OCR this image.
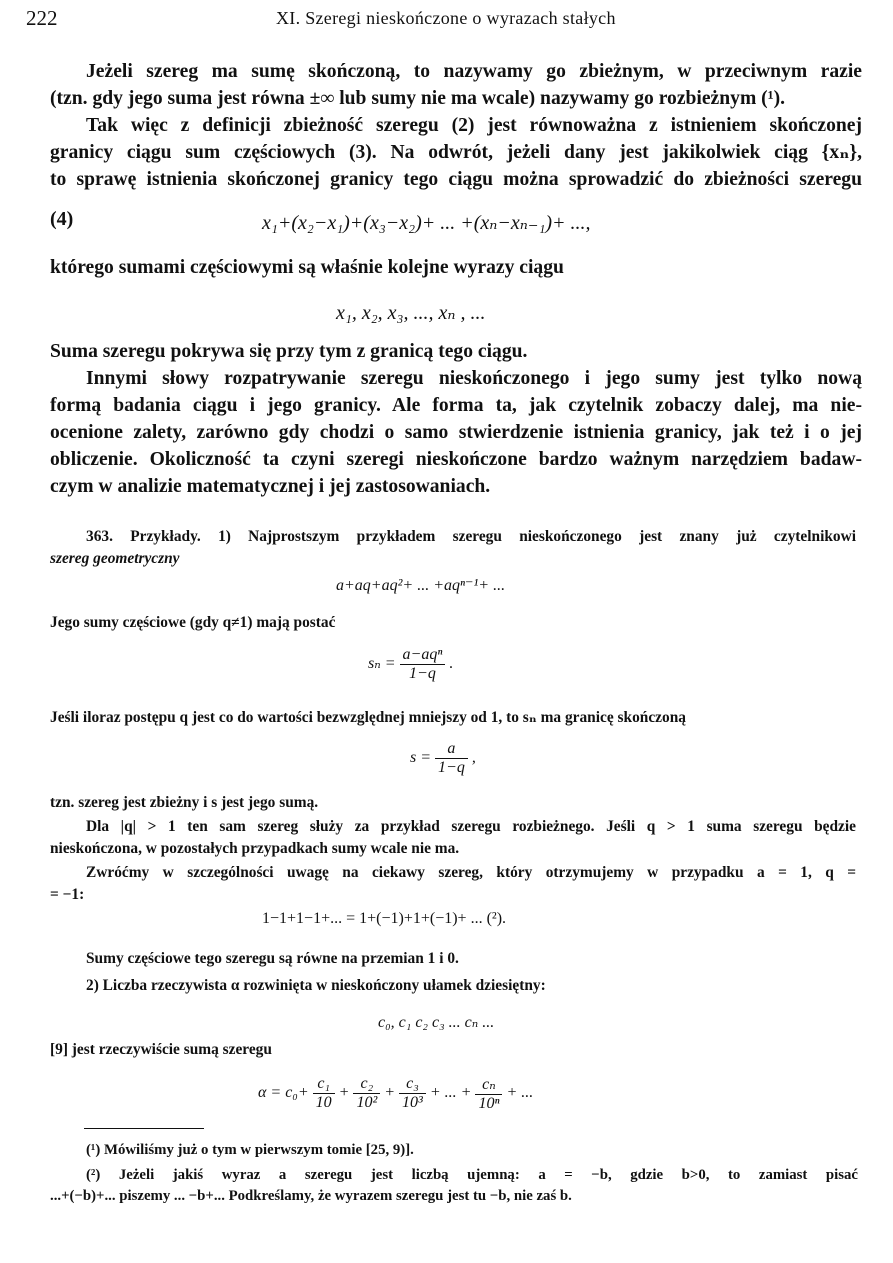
222	XI. Szeregi nieskończone o wyrazach stałych
Jeżeli szereg ma sumę skończoną, to nazywamy go zbieżnym, w przeciwnym razie
(tzn. gdy jego suma jest równa ±∞ lub sumy nie ma wcale) nazywamy go rozbieżnym (¹).
Tak więc z definicji zbieżność szeregu (2) jest równoważna z istnieniem skończonej
granicy ciągu sum częściowych (3). Na odwrót, jeżeli dany jest jakikolwiek ciąg {xₙ},
to sprawę istnienia skończonej granicy tego ciągu można sprowadzić do zbieżności szeregu
(4)	x₁+(x₂−x₁)+(x₃−x₂)+ ... +(xₙ−xₙ₋₁)+ ...,
którego sumami częściowymi są właśnie kolejne wyrazy ciągu
x₁, x₂, x₃, ..., xₙ , ...
Suma szeregu pokrywa się przy tym z granicą tego ciągu.
Innymi słowy rozpatrywanie szeregu nieskończonego i jego sumy jest tylko nową
formą badania ciągu i jego granicy. Ale forma ta, jak czytelnik zobaczy dalej, ma nie-
ocenione zalety, zarówno gdy chodzi o samo stwierdzenie istnienia granicy, jak też i o jej
obliczenie. Okoliczność ta czyni szeregi nieskończone bardzo ważnym narzędziem badaw-
czym w analizie matematycznej i jej zastosowaniach.
363. Przykłady. 1) Najprostszym przykładem szeregu nieskończonego jest znany już czytelnikowi
szereg geometryczny
a+aq+aq²+ ... +aqⁿ⁻¹+ ...
Jego sumy częściowe (gdy q≠1) mają postać
$s_n = \frac{\text{a−aqⁿ}}{1-q}$ .
Jeśli iloraz postępu q jest co do wartości bezwzględnej mniejszy od 1, to sₙ ma granicę skończoną
$s = \frac{a}{1-q}$ ,
tzn. szereg jest zbieżny i s jest jego sumą.
Dla |q| > 1 ten sam szereg służy za przykład szeregu rozbieżnego. Jeśli q > 1 suma szeregu będzie
nieskończona, w pozostałych przypadkach sumy wcale nie ma.
Zwróćmy w szczególności uwagę na ciekawy szereg, który otrzymujemy w przypadku a = 1, q =
= −1:
1−1+1−1+... = 1+(−1)+1+(−1)+ ... (²).
Sumy częściowe tego szeregu są równe na przemian 1 i 0.
2) Liczba rzeczywista α rozwinięta w nieskończony ułamek dziesiętny:
c₀, c₁ c₂ c₃ ... cₙ ...
[9] jest rzeczywiście sumą szeregu
$\alpha = c_0+ \frac{\text{c₁}}{10} + \frac{\text{c₂}}{\text{10²}} + \frac{\text{c₃}}{\text{10³}}$ + ... + $\frac{\text{cₙ}}{\text{10ⁿ}}$ + ...
(¹) Mówiliśmy już o tym w pierwszym tomie [25, 9)].
(²) Jeżeli jakiś wyraz a szeregu jest liczbą ujemną: a = −b, gdzie b>0, to zamiast pisać
...+(−b)+... piszemy ... −b+... Podkreślamy, że wyrazem szeregu jest tu −b, nie zaś b.
